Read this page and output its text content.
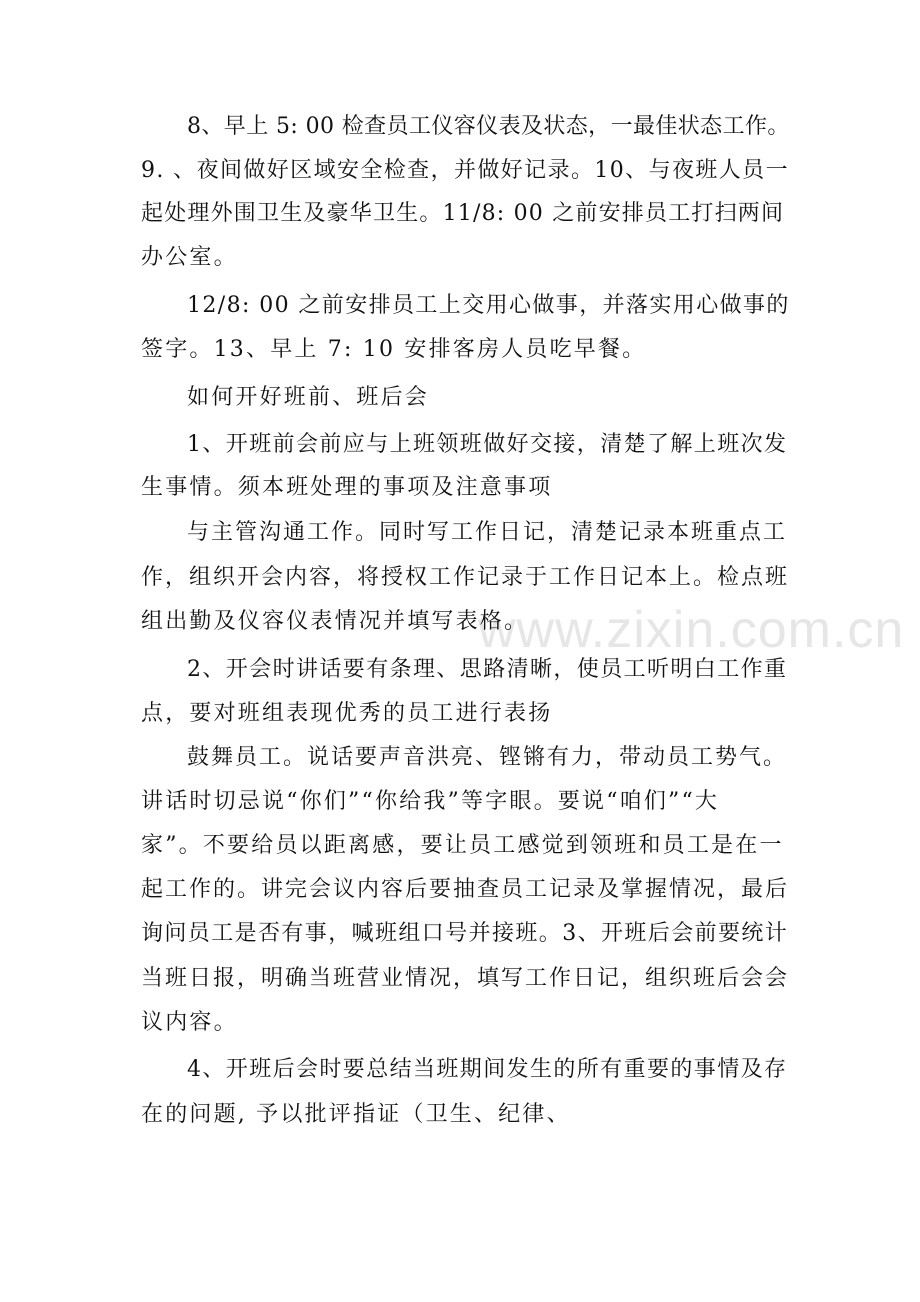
www.zixin.com.cn
8、早上 5: 00 检查员工仪容仪表及状态，一最佳状态工作。
9. 、夜间做好区域安全检查，并做好记录。10、与夜班人员一
起处理外围卫生及豪华卫生。11/8: 00 之前安排员工打扫两间
办公室。
12/8: 00 之前安排员工上交用心做事，并落实用心做事的
签字。13、早上 7: 10 安排客房人员吃早餐。
如何开好班前、班后会
1、开班前会前应与上班领班做好交接，清楚了解上班次发
生事情。须本班处理的事项及注意事项
与主管沟通工作。同时写工作日记，清楚记录本班重点工
作，组织开会内容，将授权工作记录于工作日记本上。检点班
组出勤及仪容仪表情况并填写表格。
2、开会时讲话要有条理、思路清晰，使员工听明白工作重
点，要对班组表现优秀的员工进行表扬
鼓舞员工。说话要声音洪亮、铿锵有力，带动员工势气。
讲话时切忌说“你们”“你给我”等字眼。要说“咱们”“大
家”。不要给员以距离感，要让员工感觉到领班和员工是在一
起工作的。讲完会议内容后要抽查员工记录及掌握情况，最后
询问员工是否有事，喊班组口号并接班。3、开班后会前要统计
当班日报，明确当班营业情况，填写工作日记，组织班后会会
议内容。
4、开班后会时要总结当班期间发生的所有重要的事情及存
在的问题, 予以批评指证（卫生、纪律、
